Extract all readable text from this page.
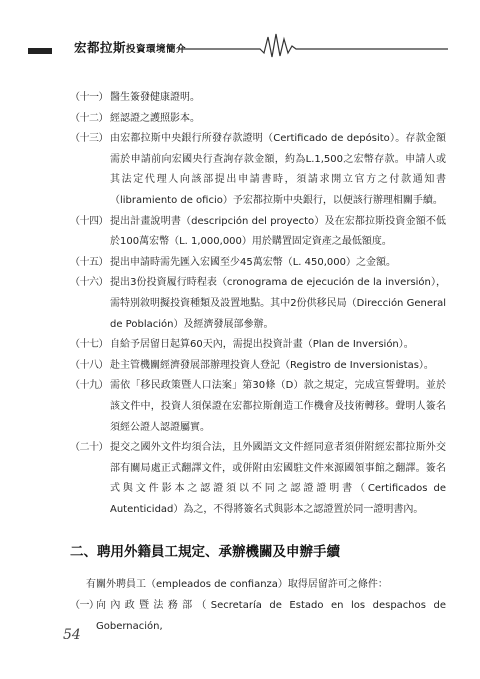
宏都拉斯投資環境簡介
（十一） 醫生簽發健康證明。
（十二） 經認證之護照影本。
（十三） 由宏都拉斯中央銀行所發存款證明（Certificado de depósito）。存款金額需於申請前向宏國央行查詢存款金額，約為L.1,500之宏幣存款。申請人或其法定代理人向該部提出申請書時，須請求開立官方之付款通知書（libramiento de oficio）予宏都拉斯中央銀行，以便該行辦理相關手續。
（十四） 提出計畫說明書（descripción del proyecto）及在宏都拉斯投資金額不低於100萬宏幣（L. 1,000,000）用於購置固定資產之最低額度。
（十五） 提出申請時需先匯入宏國至少45萬宏幣（L. 450,000）之金額。
（十六） 提出3份投資履行時程表（cronograma de ejecución de la inversión），需特別敘明擬投資種類及設置地點。其中2份供移民局（Dirección General de Población）及經濟發展部參辦。
（十七） 自給予居留日起算60天內，需提出投資計畫（Plan de Inversión）。
（十八） 赴主管機關經濟發展部辦理投資人登記（Registro de Inversionistas）。
（十九） 需依「移民政策暨人口法案」第30條（D）款之規定，完成宣誓聲明。並於該文件中，投資人須保證在宏都拉斯創造工作機會及技術轉移。聲明人簽名須經公證人認證屬實。
（二十） 提交之國外文件均須合法，且外國語文文件經同意者須併附經宏都拉斯外交部有關局處正式翻譯文件，或併附由宏國駐文件來源國領事館之翻譯。簽名式與文件影本之認證須以不同之認證證明書（Certificados de Autenticidad）為之，不得將簽名式與影本之認證置於同一證明書內。
二、聘用外籍員工規定、承辦機關及申辦手續
有關外聘員工（empleados de confianza）取得居留許可之條件：
（一）
向內政暨法務部（Secretaría de Estado en los despachos de Gobernación,
54
